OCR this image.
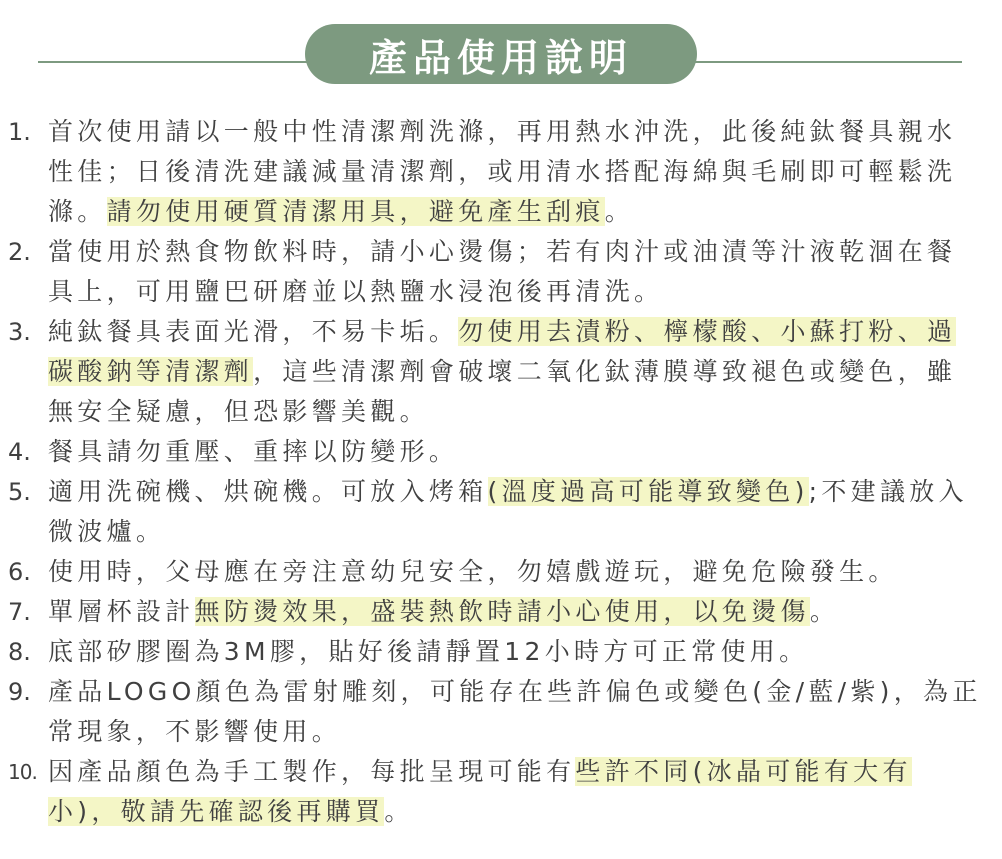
產品使用說明
1. 首次使用請以一般中性清潔劑洗滌，再用熱水沖洗，此後純鈦餐具親水性佳；日後清洗建議減量清潔劑，或用清水搭配海綿與毛刷即可輕鬆洗滌。請勿使用硬質清潔用具，避免產生刮痕。
2. 當使用於熱食物飲料時，請小心燙傷；若有肉汁或油漬等汁液乾涸在餐具上，可用鹽巴研磨並以熱鹽水浸泡後再清洗。
3. 純鈦餐具表面光滑，不易卡垢。勿使用去漬粉、檸檬酸、小蘇打粉、過碳酸鈉等清潔劑，這些清潔劑會破壞二氧化鈦薄膜導致褪色或變色，雖無安全疑慮，但恐影響美觀。
4. 餐具請勿重壓、重摔以防變形。
5. 適用洗碗機、烘碗機。可放入烤箱(溫度過高可能導致變色);不建議放入微波爐。
6. 使用時，父母應在旁注意幼兒安全，勿嬉戲遊玩，避免危險發生。
7. 單層杯設計無防燙效果，盛裝熱飲時請小心使用，以免燙傷。
8. 底部矽膠圈為3M膠，貼好後請靜置12小時方可正常使用。
9. 產品LOGO顏色為雷射雕刻，可能存在些許偏色或變色(金/藍/紫)，為正常現象，不影響使用。
10. 因產品顏色為手工製作，每批呈現可能有些許不同(冰晶可能有大有小)，敬請先確認後再購買。
